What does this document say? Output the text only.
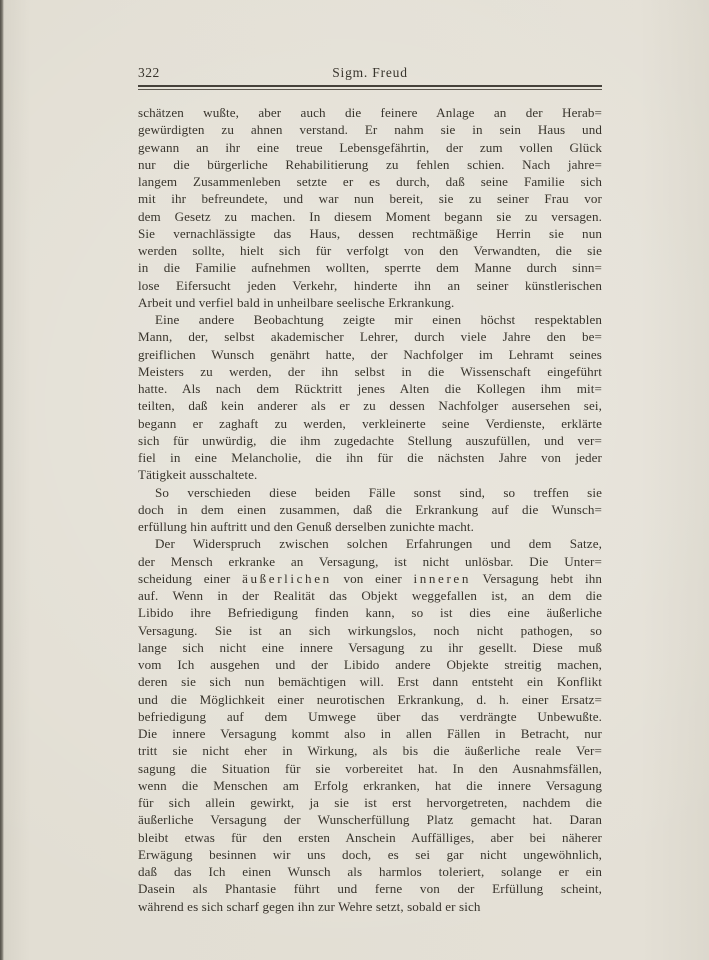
322	Sigm. Freud
schätzen wußte, aber auch die feinere Anlage an der Herab=
gewürdigten zu ahnen verstand. Er nahm sie in sein Haus und
gewann an ihr eine treue Lebensgefährtin, der zum vollen Glück
nur die bürgerliche Rehabilitierung zu fehlen schien. Nach jahre=
langem Zusammenleben setzte er es durch, daß seine Familie sich
mit ihr befreundete, und war nun bereit, sie zu seiner Frau vor
dem Gesetz zu machen. In diesem Moment begann sie zu versagen.
Sie vernachlässigte das Haus, dessen rechtmäßige Herrin sie nun
werden sollte, hielt sich für verfolgt von den Verwandten, die sie
in die Familie aufnehmen wollten, sperrte dem Manne durch sinn=
lose Eifersucht jeden Verkehr, hinderte ihn an seiner künstlerischen
Arbeit und verfiel bald in unheilbare seelische Erkrankung.
Eine andere Beobachtung zeigte mir einen höchst respektablen
Mann, der, selbst akademischer Lehrer, durch viele Jahre den be=
greiflichen Wunsch genährt hatte, der Nachfolger im Lehramt seines
Meisters zu werden, der ihn selbst in die Wissenschaft eingeführt
hatte. Als nach dem Rücktritt jenes Alten die Kollegen ihm mit=
teilten, daß kein anderer als er zu dessen Nachfolger ausersehen sei,
begann er zaghaft zu werden, verkleinerte seine Verdienste, erklärte
sich für unwürdig, die ihm zugedachte Stellung auszufüllen, und ver=
fiel in eine Melancholie, die ihn für die nächsten Jahre von jeder
Tätigkeit ausschaltete.
So verschieden diese beiden Fälle sonst sind, so treffen sie
doch in dem einen zusammen, daß die Erkrankung auf die Wunsch=
erfüllung hin auftritt und den Genuß derselben zunichte macht.
Der Widerspruch zwischen solchen Erfahrungen und dem Satze,
der Mensch erkranke an Versagung, ist nicht unlösbar. Die Unter=
scheidung einer äußerlichen von einer inneren Versagung hebt ihn
auf. Wenn in der Realität das Objekt weggefallen ist, an dem die
Libido ihre Befriedigung finden kann, so ist dies eine äußerliche
Versagung. Sie ist an sich wirkungslos, noch nicht pathogen, so
lange sich nicht eine innere Versagung zu ihr gesellt. Diese muß
vom Ich ausgehen und der Libido andere Objekte streitig machen,
deren sie sich nun bemächtigen will. Erst dann entsteht ein Konflikt
und die Möglichkeit einer neurotischen Erkrankung, d. h. einer Ersatz=
befriedigung auf dem Umwege über das verdrängte Unbewußte.
Die innere Versagung kommt also in allen Fällen in Betracht, nur
tritt sie nicht eher in Wirkung, als bis die äußerliche reale Ver=
sagung die Situation für sie vorbereitet hat. In den Ausnahmsfällen,
wenn die Menschen am Erfolg erkranken, hat die innere Versagung
für sich allein gewirkt, ja sie ist erst hervorgetreten, nachdem die
äußerliche Versagung der Wunscherfüllung Platz gemacht hat. Daran
bleibt etwas für den ersten Anschein Auffälliges, aber bei näherer
Erwägung besinnen wir uns doch, es sei gar nicht ungewöhnlich,
daß das Ich einen Wunsch als harmlos toleriert, solange er ein
Dasein als Phantasie führt und ferne von der Erfüllung scheint,
während es sich scharf gegen ihn zur Wehre setzt, sobald er sich
